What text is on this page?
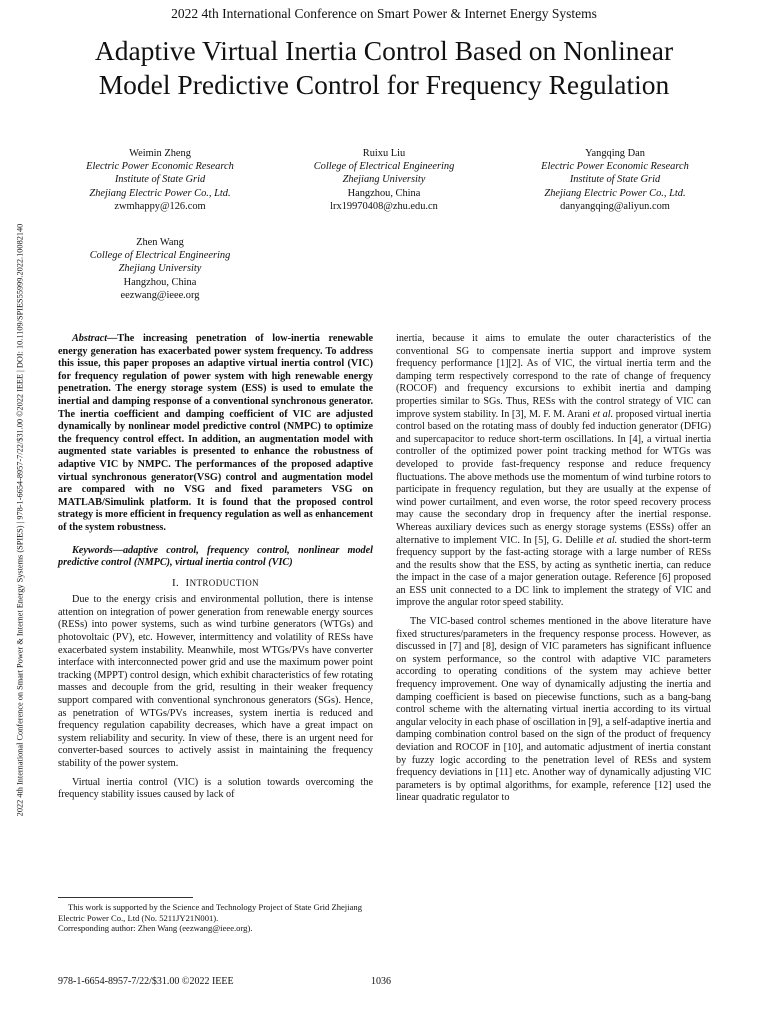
2022 4th International Conference on Smart Power & Internet Energy Systems
Adaptive Virtual Inertia Control Based on Nonlinear
Model Predictive Control for Frequency Regulation
2022 4th International Conference on Smart Power & Internet Energy Systems (SPIES) | 978-1-6654-8957-7/22/$31.00 ©2022 IEEE | DOI: 10.1109/SPIES55999.2022.10082140
Weimin Zheng
Electric Power Economic Research
Institute of State Grid
Zhejiang Electric Power Co., Ltd.
zwmhappy@126.com
Ruixu Liu
College of Electrical Engineering
Zhejiang University
Hangzhou, China
lrx19970408@zhu.edu.cn
Yangqing Dan
Electric Power Economic Research
Institute of State Grid
Zhejiang Electric Power Co., Ltd.
danyangqing@aliyun.com
Zhen Wang
College of Electrical Engineering
Zhejiang University
Hangzhou, China
eezwang@ieee.org

Abstract—The increasing penetration of low-inertia renewable energy generation has exacerbated power system frequency. To address this issue, this paper proposes an adaptive virtual inertia control (VIC) for frequency regulation of power system with high renewable energy penetration. The energy storage system (ESS) is used to emulate the inertial and damping response of a conventional synchronous generator. The inertia coefficient and damping coefficient of VIC are adjusted dynamically by nonlinear model predictive control (NMPC) to optimize the frequency control effect. In addition, an augmentation model with augmented state variables is presented to enhance the robustness of adaptive VIC by NMPC. The performances of the proposed adaptive virtual synchronous generator(VSG) control and augmentation model are compared with no VSG and fixed parameters VSG on MATLAB/Simulink platform. It is found that the proposed control strategy is more efficient in frequency regulation as well as enhancement of the system robustness.

Keywords—adaptive control, frequency control, nonlinear model predictive control (NMPC), virtual inertia control (VIC)

I. INTRODUCTION

Due to the energy crisis and environmental pollution, there is intense attention on integration of power generation from renewable energy sources (RESs) into power systems, such as wind turbine generators (WTGs) and photovoltaic (PV), etc. However, intermittency and volatility of RESs have exacerbated system instability. Meanwhile, most WTGs/PVs have converter interface with interconnected power grid and use the maximum power point tracking (MPPT) control design, which exhibit characteristics of few rotating masses and decouple from the grid, resulting in their weaker frequency support compared with conventional synchronous generators (SGs). Hence, as penetration of WTGs/PVs increases, system inertia is reduced and frequency regulation capability decreases, which have a great impact on system reliability and security. In view of these, there is an urgent need for converter-based sources to actively assist in maintaining the frequency stability of the power system.

Virtual inertia control (VIC) is a solution towards overcoming the frequency stability issues caused by lack of

This work is supported by the Science and Technology Project of State Grid Zhejiang Electric Power Co., Ltd (No. 5211JY21N001).

Corresponding author: Zhen Wang (eezwang@ieee.org).

inertia, because it aims to emulate the outer characteristics of the conventional SG to compensate inertia support and improve system frequency performance [1][2]. As of VIC, the virtual inertia term and the damping term respectively correspond to the rate of change of frequency (ROCOF) and frequency excursions to exhibit inertia and damping properties similar to SGs. Thus, RESs with the control strategy of VIC can improve system stability. In [3], M. F. M. Arani et al. proposed virtual inertia control based on the rotating mass of doubly fed induction generator (DFIG) and supercapacitor to reduce short-term oscillations. In [4], a virtual inertia controller of the optimized power point tracking method for WTGs was developed to provide fast-frequency response and reduce frequency fluctuations. The above methods use the momentum of wind turbine rotors to participate in frequency regulation, but they are usually at the expense of wind power curtailment, and even worse, the rotor speed recovery process may cause the secondary drop in frequency after the inertial response. Whereas auxiliary devices such as energy storage systems (ESSs) offer an alternative to implement VIC. In [5], G. Delille et al. studied the short-term frequency support by the fast-acting storage with a large number of RESs and the results show that the ESS, by acting as synthetic inertia, can reduce the impact in the case of a major generation outage. Reference [6] proposed an ESS unit connected to a DC link to implement the strategy of VIC and improve the angular rotor speed stability.

The VIC-based control schemes mentioned in the above literature have fixed structures/parameters in the frequency response process. However, as discussed in [7] and [8], design of VIC parameters has significant influence on system performance, so the control with adaptive VIC parameters according to operating conditions of the system may achieve better frequency improvement. One way of dynamically adjusting the inertia and damping coefficient is based on piecewise functions, such as a bang-bang control scheme with the alternating virtual inertia according to its virtual angular velocity in each phase of oscillation in [9], a self-adaptive inertia and damping combination control based on the sign of the product of frequency deviation and ROCOF in [10], and automatic adjustment of inertia constant by fuzzy logic according to the penetration level of RESs and system frequency deviations in [11] etc. Another way of dynamically adjusting VIC parameters is by optimal algorithms, for example, reference [12] used the linear quadratic regulator to

978-1-6654-8957-7/22/$31.00 ©2022 IEEE	1036
